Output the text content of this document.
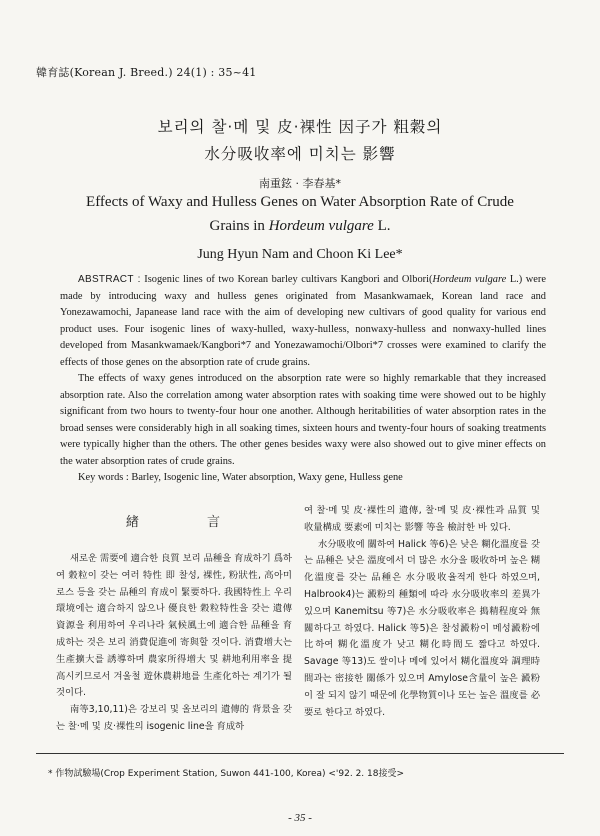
韓育誌(Korean J. Breed.) 24(1) : 35~41
보리의 찰·메 및 皮·裸性 因子가 粗穀의
水分吸收率에 미치는 影響
南重鉉 · 李春基*
Effects of Waxy and Hulless Genes on Water Absorption Rate of Crude
Grains in Hordeum vulgare L.
Jung Hyun Nam and Choon Ki Lee*

ABSTRACT : Isogenic lines of two Korean barley cultivars Kangbori and Olbori(Hordeum vulgare L.) were made by introducing waxy and hulless genes originated from Masankwamaek, Korean land race and Yonezawamochi, Japanease land race with the aim of developing new cultivars of good quality for various end product uses. Four isogenic lines of waxy-hulled, waxy-hulless, nonwaxy-hulless and nonwaxy-hulled lines developed from Masankwamaek/Kangbori*7 and Yonezawamochi/Olbori*7 crosses were examined to clarify the effects of those genes on the absorption rate of crude grains.

The effects of waxy genes introduced on the absorption rate were so highly remarkable that they increased absorption rate. Also the correlation among water absorption rates with soaking time were showed out to be highly significant from two hours to twenty-four hour one another. Although heritabilities of water absorption rates in the broad senses were considerably high in all soaking times, sixteen hours and twenty-four hours of soaking treatments were typically higher than the others. The other genes besides waxy were also showed out to give miner effects on the water absorption rates of crude grains.

Key words : Barley, Isogenic line, Water absorption, Waxy gene, Hulless gene

緖 言

새로운 需要에 適合한 良質 보리 品種을 育成하기 爲하여 穀粒이 갖는 여러 特性 即 찰성, 裸性, 粉狀性, 高아미로스 등을 갖는 品種의 育成이 緊要하다. 我國特性上 우리 環境에는 適合하지 않으나 優良한 穀粒特性을 갖는 遺傳資源을 利用하여 우리나라 氣候風土에 適合한 品種을 育成하는 것은 보리 消費促進에 寄與할 것이다. 消費增大는 生產擴大를 誘導하며 農家所得增大 및 耕地利用率을 提高시키므로서 겨울철 遊休農耕地를 生產化하는 계기가 될 것이다.

南等3,10,11)은 강보리 및 올보리의 遺傳的 背景을 갖는 찰·메 및 皮·裸性의 isogenic line을 育成하

여 찰·메 및 皮·裸性의 遺傳, 찰·메 및 皮·裸性과 品質 및 收量構成 要素에 미치는 影響 等을 檢討한 바 있다.

水分吸收에 關하여 Halick 等6)은 낮은 糊化溫度를 갖는 品種은 낮은 溫度에서 더 많은 水分을 吸收하며 높은 糊化溫度를 갖는 品種은 水分吸收율적게 한다 하였으며, Halbrook4)는 澱粉의 種類에 따라 水分吸收率의 差異가 있으며 Kanemitsu 等7)은 水分吸收率은 搗精程度와 無關하다고 하였다. Halick 等5)은 찰성澱粉이 메성澱粉에 比하여 糊化溫度가 낮고 糊化時間도 짧다고 하였다. Savage 等13)도 쌀이나 메에 있어서 糊化溫度와 調理時間과는 密接한 關係가 있으며 Amylose含量이 높은 澱粉이 잘 되지 않기 때문에 化學物質이나 또는 높은 溫度를 必要로 한다고 하였다.

* 作物試驗場(Crop Experiment Station, Suwon 441-100, Korea) <'92. 2. 18接受>
- 35 -
